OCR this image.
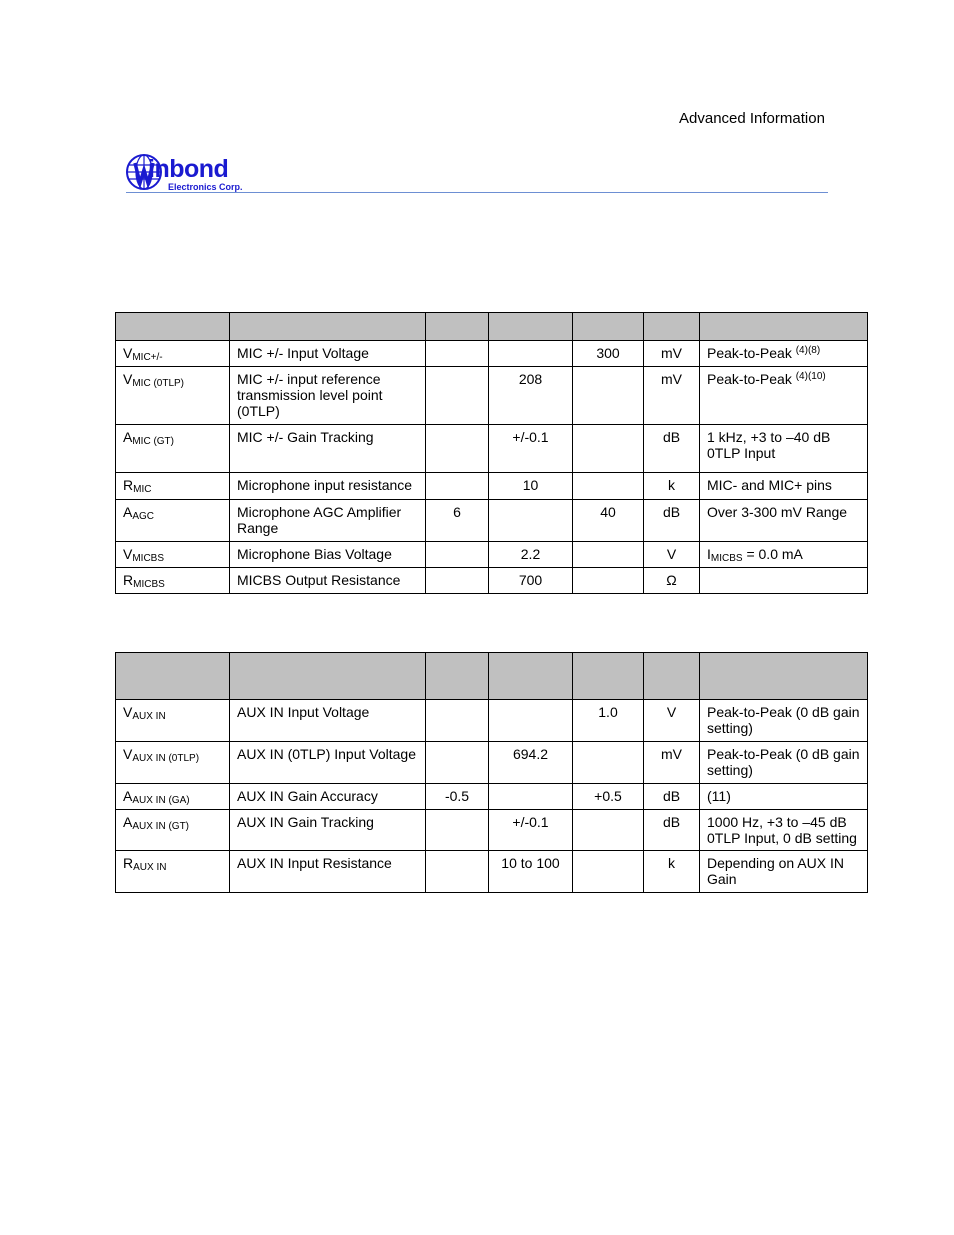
Advanced Information
inbond
Electronics Corp.

$V_{MIC+/-}$	MIC +/- Input Voltage			300	mV	Peak-to-Peak $^{(4)(8)}$
$V_{MIC (0TLP)}$	MIC +/- input reference transmission level point (0TLP)		208		mV	Peak-to-Peak $^{(4)(10)}$
$A_{MIC (GT)}$	MIC +/- Gain Tracking		+/-0.1		dB	1 kHz, +3 to –40 dB 0TLP Input
$R_{MIC}$	Microphone input resistance		10		k	MIC- and MIC+ pins
$A_{AGC}$	Microphone AGC Amplifier Range	6		40	dB	Over 3-300 mV Range
$V_{MICBS}$	Microphone Bias Voltage		2.2		V	$I_{MICBS} = 0.0$ mA
$R_{MICBS}$	MICBS Output Resistance		700		Ω	

$V_{AUX IN}$	AUX IN Input Voltage			1.0	V	Peak-to-Peak (0 dB gain setting)
$V_{AUX IN (0TLP)}$	AUX IN (0TLP) Input Voltage		694.2		mV	Peak-to-Peak (0 dB gain setting)
$A_{AUX IN (GA)}$	AUX IN Gain Accuracy	-0.5		+0.5	dB	(11)
$A_{AUX IN (GT)}$	AUX IN Gain Tracking		+/-0.1		dB	1000 Hz, +3 to –45 dB 0TLP Input, 0 dB setting
$R_{AUX IN}$	AUX IN Input Resistance		10 to 100		k	Depending on AUX IN Gain
